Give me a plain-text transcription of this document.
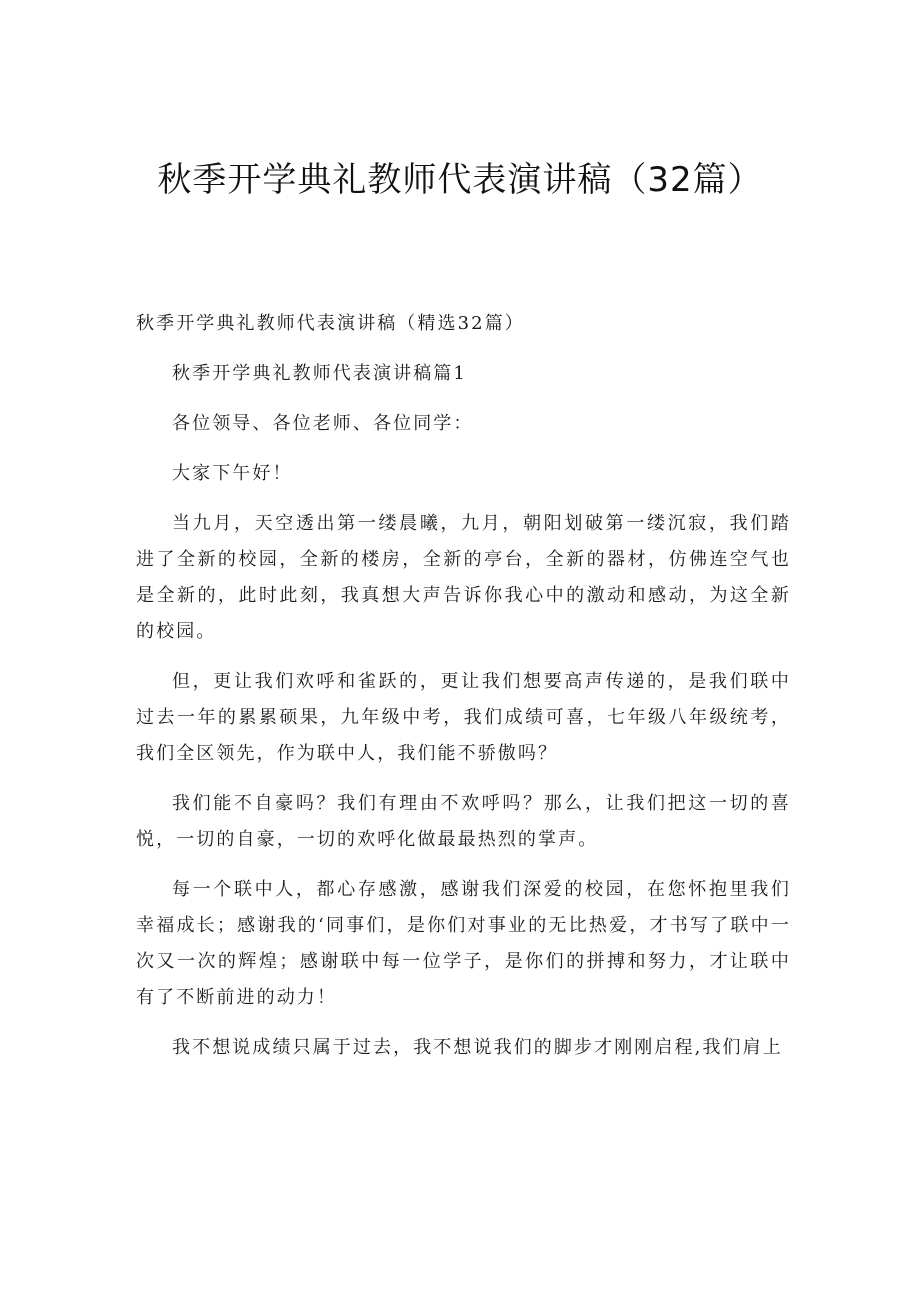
秋季开学典礼教师代表演讲稿（32篇）

秋季开学典礼教师代表演讲稿（精选32篇）

秋季开学典礼教师代表演讲稿篇1

各位领导、各位老师、各位同学：

大家下午好！

当九月，天空透出第一缕晨曦，九月，朝阳划破第一缕沉寂，我们踏进了全新的校园，全新的楼房，全新的亭台，全新的器材，仿佛连空气也是全新的，此时此刻，我真想大声告诉你我心中的激动和感动，为这全新的校园。

但，更让我们欢呼和雀跃的，更让我们想要高声传递的，是我们联中过去一年的累累硕果，九年级中考，我们成绩可喜，七年级八年级统考，我们全区领先，作为联中人，我们能不骄傲吗？

我们能不自豪吗？我们有理由不欢呼吗？那么，让我们把这一切的喜悦，一切的自豪，一切的欢呼化做最最热烈的掌声。

每一个联中人，都心存感激，感谢我们深爱的校园，在您怀抱里我们幸福成长；感谢我的‘同事们，是你们对事业的无比热爱，才书写了联中一次又一次的辉煌；感谢联中每一位学子，是你们的拼搏和努力，才让联中有了不断前进的动力！

我不想说成绩只属于过去，我不想说我们的脚步才刚刚启程,我们肩上
